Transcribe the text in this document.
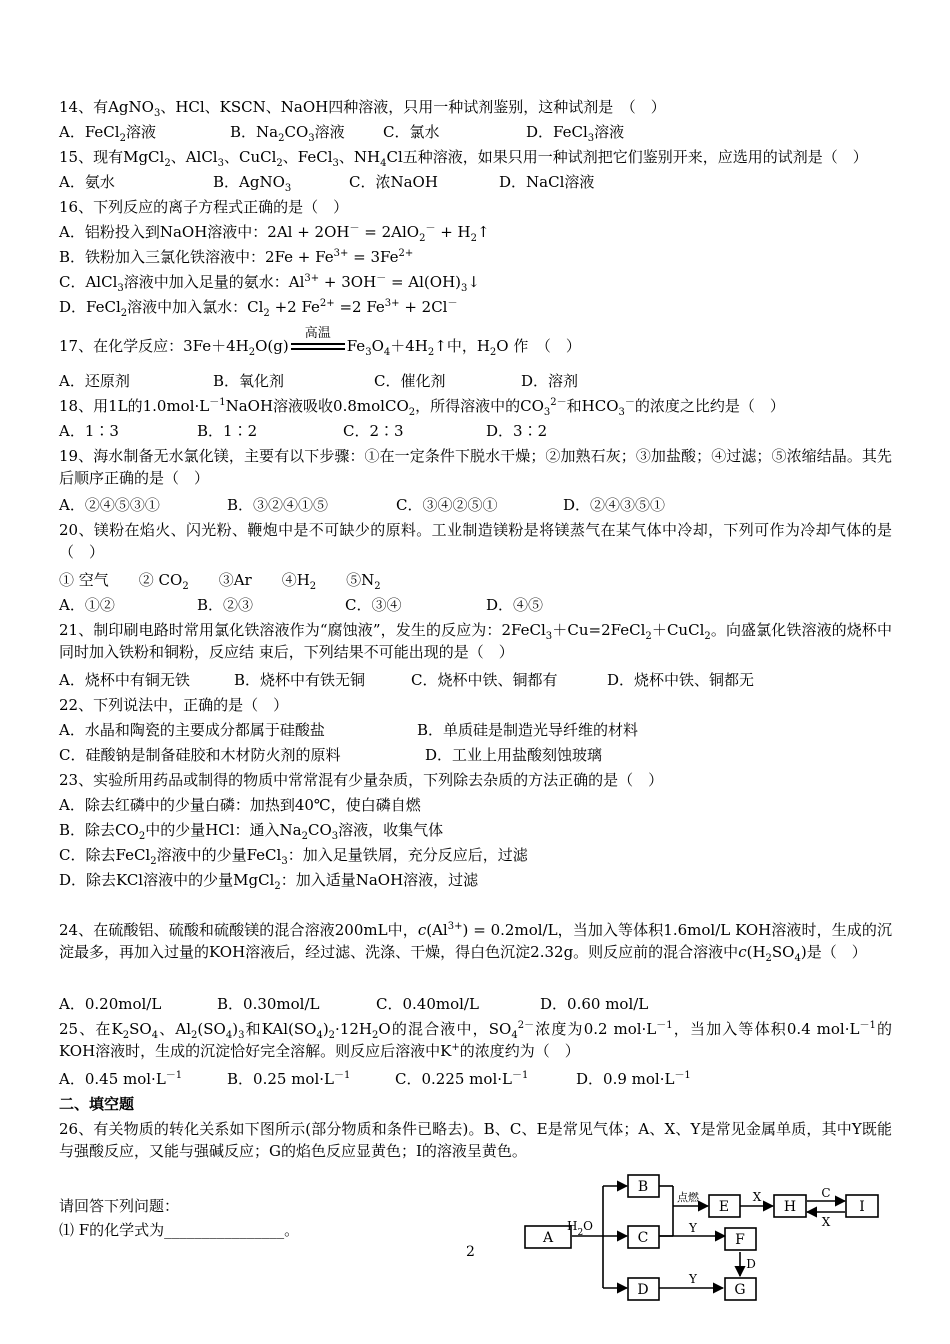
14、有AgNO$_3$、HCl、KSCN、NaOH四种溶液，只用一种试剂鉴别，这种试剂是　（　）
A．FeCl$_2$溶液	B．$Na_2CO_3$溶液	C．氯水	D．FeCl$_3$溶液
15、现有MgCl$_2$、AlCl$_3$、CuCl$_2$、FeCl$_3$、$NH_4Cl$五种溶液，如果只用一种试剂把它们鉴别开来，应选用的试剂是（　）
A．氨水	B．AgNO$_3$	C．浓NaOH	D．NaCl溶液
16、下列反应的离子方程式正确的是（　）
A．铝粉投入到NaOH溶液中：$2Al + 2OH^- = 2AlO_2^- + H_2↑$
B．铁粉加入三氯化铁溶液中：$2Fe + Fe^{3+} = 3Fe^{2+}$
C．AlCl$_3$溶液中加入足量的氨水：$Al^{3+} + 3OH^-$ = $Al(OH)_3↓$
D．FeCl$_2$溶液中加入氯水：$Cl_2 +2$ $Fe^{2+} =2$ $Fe^{3+} + 2Cl^-$
17、在化学反应：$3Fe+4H_2O(g)$
高温
$Fe_3O_4+4H_2↑$中，$H_2O$ 作　（　）
A．还原剂	B．氧化剂	C．催化剂	D．溶剂
18、用1L的$1.0mol\cdot L^{-1}NaOH$溶液吸收0.8molCO$_2$，所得溶液中的$CO_3^{2-}$和$HCO_3^-$的浓度之比约是（　）
A．1∶3	B．1∶2	C．2∶3	D．3∶2
19、海水制备无水氯化镁，主要有以下步骤：①在一定条件下脱水干燥；②加熟石灰；③加盐酸；④过滤；⑤浓缩结晶。其先后顺序正确的是（　）
A．②④⑤③①	B．③②④①⑤	C．③④②⑤①	D．②④③⑤①
20、镁粉在焰火、闪光粉、鞭炮中是不可缺少的原料。工业制造镁粉是将镁蒸气在某气体中冷却，下列可作为冷却气体的是（　）
① 空气　　② $CO_2$　　③Ar　　$④H_2$　　$⑤N_2$
A．①②	B．②③	C．③④	D．④⑤
21、制印刷电路时常用氯化铁溶液作为“腐蚀液”，发生的反应为：2FeCl$_3$＋Cu=2FeCl$_2$＋CuCl$_2$。向盛氯化铁溶液的烧杯中同时加入铁粉和铜粉，反应结 束后，下列结果不可能出现的是（　）
A．烧杯中有铜无铁	B．烧杯中有铁无铜	C．烧杯中铁、铜都有	D．烧杯中铁、铜都无
22、下列说法中，正确的是（　）
A．水晶和陶瓷的主要成分都属于硅酸盐	B．单质硅是制造光导纤维的材料
C．硅酸钠是制备硅胶和木材防火剂的原料	D．工业上用盐酸刻蚀玻璃
23、实验所用药品或制得的物质中常常混有少量杂质，下列除去杂质的方法正确的是（　）
A．除去红磷中的少量白磷：加热到40℃，使白磷自燃
B．除去$CO_2$中的少量HCl：通入$Na_2CO_3$溶液，收集气体
C．除去FeCl$_2$溶液中的少量FeCl$_3$：加入足量铁屑，充分反应后，过滤
D．除去KCl溶液中的少量MgCl$_2$：加入适量NaOH溶液，过滤
24、在硫酸铝、硫酸和硫酸镁的混合溶液200mL中，$c(Al^{3+}) = 0.2mol/L$，当加入等体积1.6mol/L KOH溶液时，生成的沉淀最多，再加入过量的KOH溶液后，经过滤、洗涤、干燥，得白色沉淀2.32g。则反应前的混合溶液中$c(H_2SO_4)$是（　）
A．0.20mol/L	B．0.30mol/L	C．0.40mol/L	D．0.60 mol/L
25、在$K_2SO_4$、$Al_2(SO_4)_3$和$KAl(SO_4)_2\cdot 12H_2O$的混合液中，$SO_4^{2-}$浓度为0.2 $mol\cdot L^{-1}$，当加入等体积0.4 $mol\cdot L^{-1}$的KOH溶液时，生成的沉淀恰好完全溶解。则反应后溶液中K+的浓度约为（　）
A．0.45 $mol\cdot L^{-1}$	B．0.25 $mol\cdot L^{-1}$	C．0.225 $mol\cdot L^{-1}$	D．0.9 $mol\cdot L^{-1}$
二、填空题
26、有关物质的转化关系如下图所示(部分物质和条件已略去)。B、C、E是常见气体；A、X、Y是常见金属单质，其中Y既能与强酸反应，又能与强碱反应；G的焰色反应显黄色；I的溶液呈黄色。
请回答下列问题：
⑴ F的化学式为________________。
2
A
B
C
D
E
F
G
H	I
$H_2O$
点燃	X	C
X
Y
Y
D
